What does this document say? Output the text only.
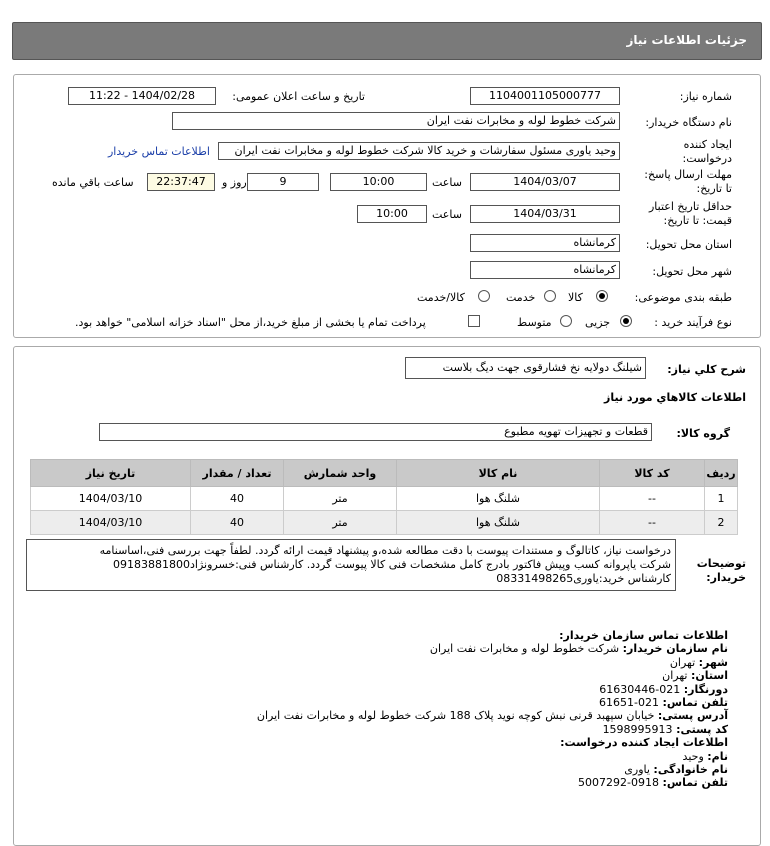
جزئیات اطلاعات نیاز
شماره نیاز:
1104001105000777
تاریخ و ساعت اعلان عمومی:
1404/02/28 - 11:22
نام دستگاه خریدار:
شرکت خطوط لوله و مخابرات نفت ایران
ایجاد کننده
درخواست:
وحید یاوری مسئول سفارشات و خرید کالا شرکت خطوط لوله و مخابرات نفت ایران
اطلاعات تماس خریدار
مهلت ارسال پاسخ:
تا تاریخ:
1404/03/07
ساعت
10:00
9
روز و
22:37:47
ساعت باقي مانده
حداقل تاریخ اعتبار
قیمت: تا تاریخ:
1404/03/31
ساعت
10:00
استان محل تحویل:
کرمانشاه
شهر محل تحویل:
کرمانشاه
طبقه بندی موضوعی:
کالا
خدمت
کالا/خدمت
نوع فرآیند خرید :
جزیی
متوسط
پرداخت تمام یا بخشی از مبلغ خرید،از محل "اسناد خزانه اسلامی" خواهد بود.
شرح کلي نياز:
شیلنگ دولایه نخ فشارقوی جهت دیگ بلاست
اطلاعات کالاهاي مورد نياز
گروه کالا:
قطعات و تجهیزات تهویه مطبوع
ردیف	کد کالا	نام کالا	واحد شمارش	تعداد / مقدار	تاریخ نیاز
1	--	شلنگ هوا	متر	40	1404/03/10
2	--	شلنگ هوا	متر	40	1404/03/10
توضیحات
خریدار:
درخواست نیاز، کاتالوگ و مستندات پیوست با دقت مطالعه شده،و پیشنهاد قیمت ارائه گردد. لطفاً جهت بررسی فنی،اساسنامه
شرکت یاپروانه کسب وپیش فاکتور بادرج کامل مشخصات فنی کالا پیوست گردد. کارشناس فنی:خسرونژاد09183881800
کارشناس خرید:یاوری08331498265
اطلاعات تماس سازمان خریدار:
نام سازمان خریدار: شرکت خطوط لوله و مخابرات نفت ایران
شهر: تهران
استان: تهران
دورنگار: 021-61630446
تلفن تماس: 021-61651
آدرس پستی: خیابان سپهبد قرنی نبش کوچه نوید پلاک 188 شرکت خطوط لوله و مخابرات نفت ایران
کد پستی: 1598995913
اطلاعات ایجاد کننده درخواست:
نام: وحید
نام خانوادگی: یاوری
تلفن تماس: 0918-5007292
